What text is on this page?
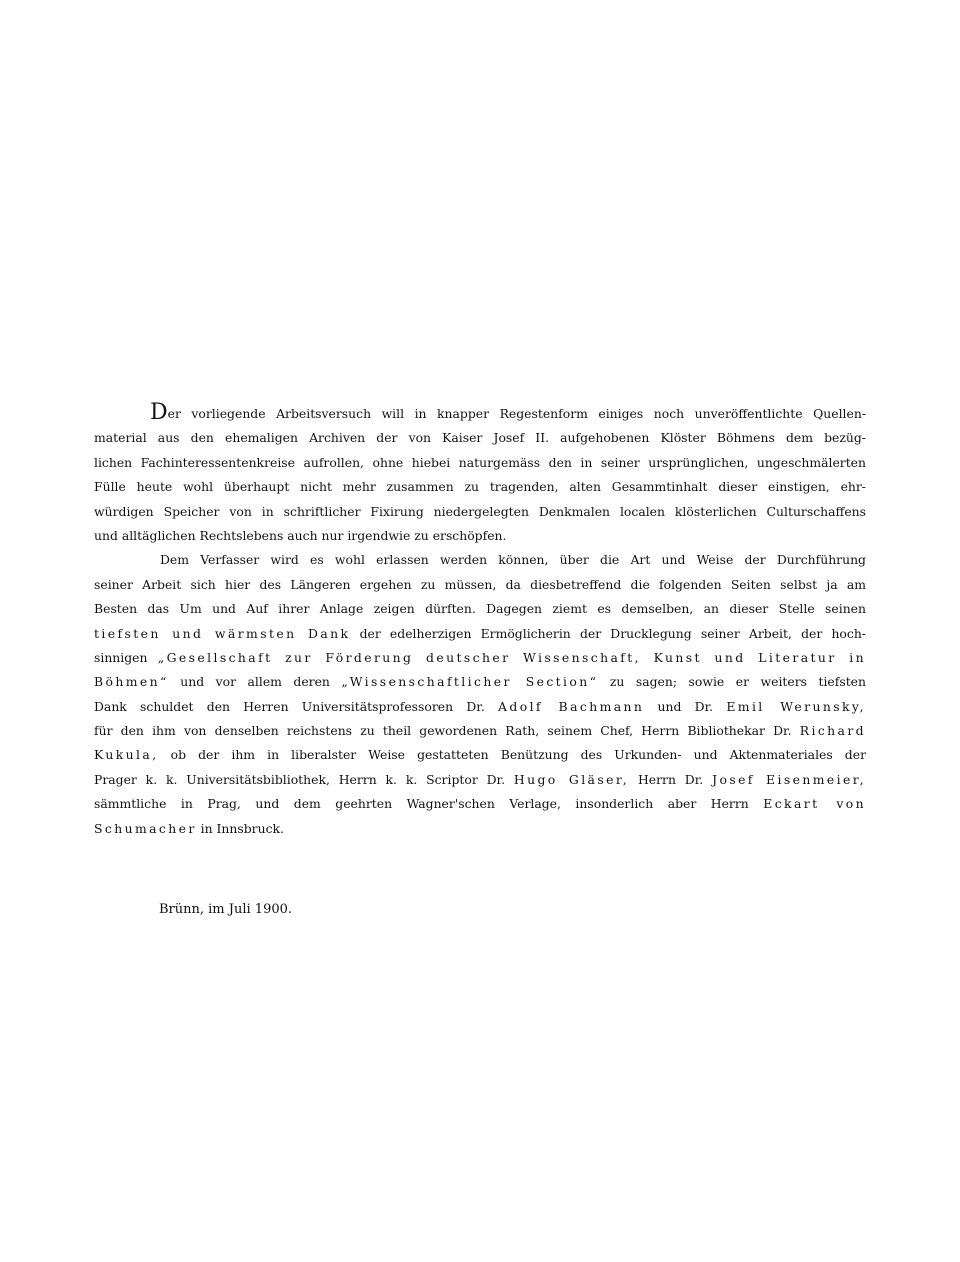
Der vorliegende Arbeitsversuch will in knapper Regestenform einiges noch unveröffentlichte Quellen-
material aus den ehemaligen Archiven der von Kaiser Josef II. aufgehobenen Klöster Böhmens dem bezüg-
lichen Fachinteressentenkreise aufrollen, ohne hiebei naturgemäss den in seiner ursprünglichen, ungeschmälerten
Fülle heute wohl überhaupt nicht mehr zusammen zu tragenden, alten Gesammtinhalt dieser einstigen, ehr-
würdigen Speicher von in schriftlicher Fixirung niedergelegten Denkmalen localen klösterlichen Culturschaffens
und alltäglichen Rechtslebens auch nur irgendwie zu erschöpfen.
Dem Verfasser wird es wohl erlassen werden können, über die Art und Weise der Durchführung
seiner Arbeit sich hier des Längeren ergehen zu müssen, da diesbetreffend die folgenden Seiten selbst ja am
Besten das Um und Auf ihrer Anlage zeigen dürften. Dagegen ziemt es demselben, an dieser Stelle seinen
tiefsten und wärmsten Dank der edelherzigen Ermöglicherin der Drucklegung seiner Arbeit, der hoch-
sinnigen „Gesellschaft zur Förderung deutscher Wissenschaft, Kunst und Literatur in
Böhmen“ und vor allem deren „Wissenschaftlicher Section“ zu sagen; sowie er weiters tiefsten
Dank schuldet den Herren Universitätsprofessoren Dr. Adolf Bachmann und Dr. Emil Werunsky,
für den ihm von denselben reichstens zu theil gewordenen Rath, seinem Chef, Herrn Bibliothekar Dr. Richard
Kukula, ob der ihm in liberalster Weise gestatteten Benützung des Urkunden- und Aktenmateriales der
Prager k. k. Universitätsbibliothek, Herrn k. k. Scriptor Dr. Hugo Gläser, Herrn Dr. Josef Eisenmeier,
sämmtliche in Prag, und dem geehrten Wagner'schen Verlage, insonderlich aber Herrn Eckart von
Schumacher in Innsbruck.
Brünn, im Juli 1900.
